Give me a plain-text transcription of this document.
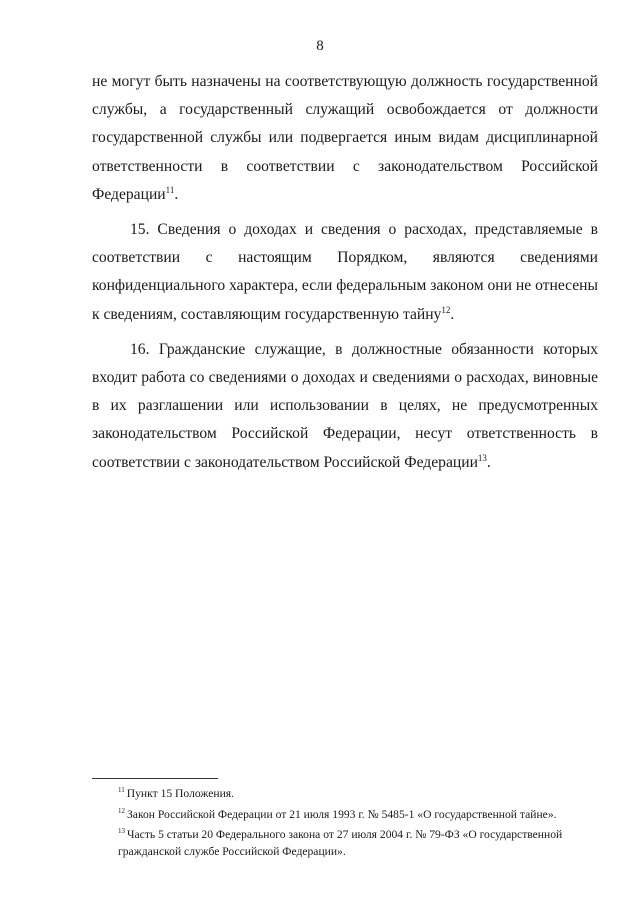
8

не могут быть назначены на соответствующую должность государственной службы, а государственный служащий освобождается от должности государственной службы или подвергается иным видам дисциплинарной ответственности в соответствии с законодательством Российской Федерации$^{11}$.

15. Сведения о доходах и сведения о расходах, представляемые в соответствии с настоящим Порядком, являются сведениями конфиденциального характера, если федеральным законом они не отнесены к сведениям, составляющим государственную тайну$^{12}$.

16. Гражданские служащие, в должностные обязанности которых входит работа со сведениями о доходах и сведениями о расходах, виновные в их разглашении или использовании в целях, не предусмотренных законодательством Российской Федерации, несут ответственность в соответствии с законодательством Российской Федерации$^{13}$.

$^{11}$ Пункт 15 Положения.
$^{12}$ Закон Российской Федерации от 21 июля 1993 г. № 5485-1 «О государственной тайне».
$^{13}$ Часть 5 статьи 20 Федерального закона от 27 июля 2004 г. № 79-ФЗ «О государственной гражданской службе Российской Федерации».
